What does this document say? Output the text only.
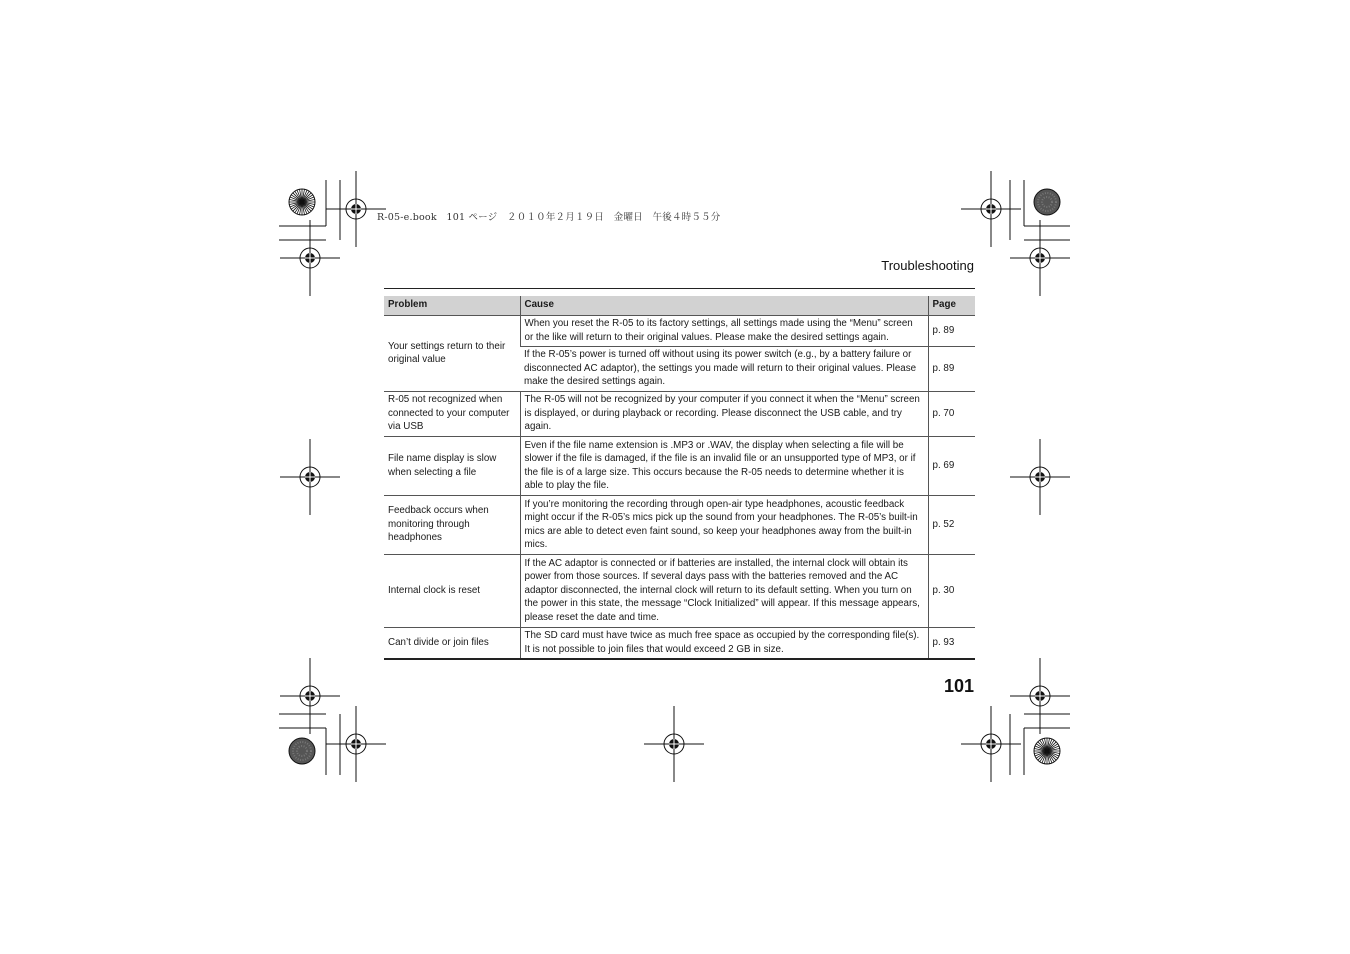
R-05-e.book　101 ページ　２０１０年２月１９日　金曜日　午後４時５５分
Troubleshooting
Problem	Cause	Page
Your settings return to their original value	When you reset the R-05 to its factory settings, all settings made using the “Menu” screen or the like will return to their original values. Please make the desired settings again.	p. 89
	If the R-05’s power is turned off without using its power switch (e.g., by a battery failure or disconnected AC adaptor), the settings you made will return to their original values. Please make the desired settings again.	p. 89
R-05 not recognized when connected to your computer via USB	The R-05 will not be recognized by your computer if you connect it when the “Menu” screen is displayed, or during playback or recording. Please disconnect the USB cable, and try again.	p. 70
File name display is slow when selecting a file	Even if the file name extension is .MP3 or .WAV, the display when selecting a file will be slower if the file is damaged, if the file is an invalid file or an unsupported type of MP3, or if the file is of a large size. This occurs because the R-05 needs to determine whether it is able to play the file.	p. 69
Feedback occurs when monitoring through headphones	If you’re monitoring the recording through open-air type headphones, acoustic feedback might occur if the R-05’s mics pick up the sound from your headphones. The R-05’s built-in mics are able to detect even faint sound, so keep your headphones away from the built-in mics.	p. 52
Internal clock is reset	If the AC adaptor is connected or if batteries are installed, the internal clock will obtain its power from those sources. If several days pass with the batteries removed and the AC adaptor disconnected, the internal clock will return to its default setting. When you turn on the power in this state, the message “Clock Initialized” will appear. If this message appears, please reset the date and time.	p. 30
Can’t divide or join files	The SD card must have twice as much free space as occupied by the corresponding file(s). It is not possible to join files that would exceed 2 GB in size.	p. 93
101
